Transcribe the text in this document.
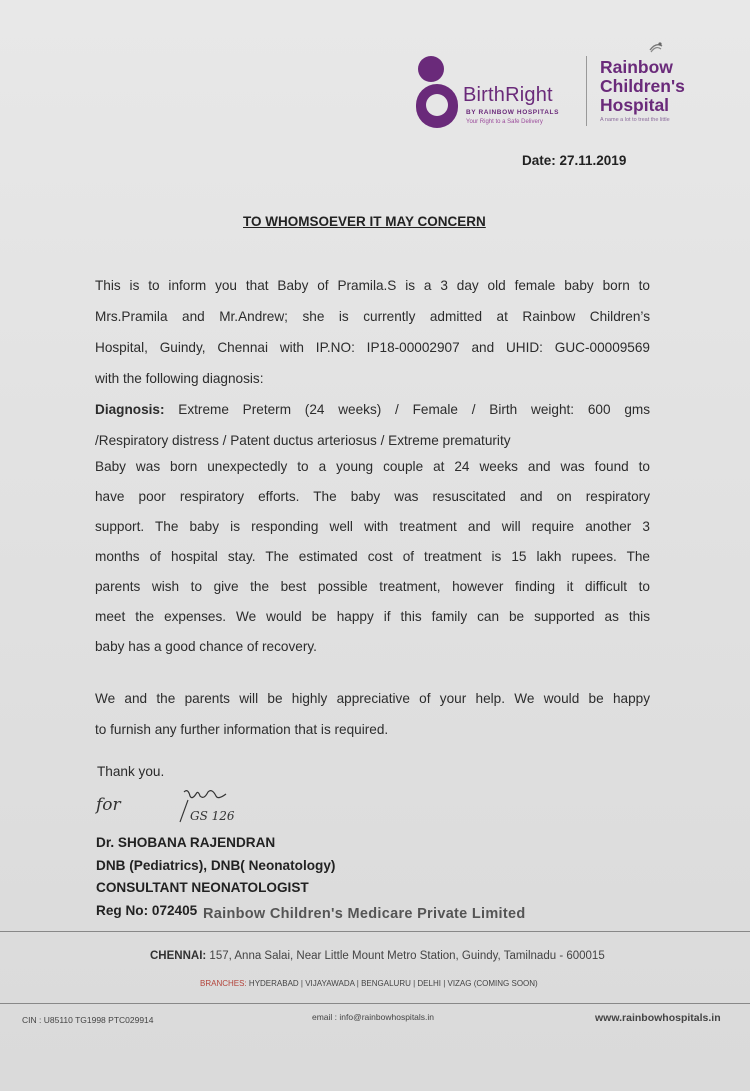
BirthRight
BY RAINBOW HOSPITALS
Your Right to a Safe Delivery
Rainbow
Children's
Hospital
A name a lot to treat the little
Date: 27.11.2019
TO WHOMSOEVER IT MAY CONCERN
This is to inform you that Baby of Pramila.S is a 3 day old female baby born to
Mrs.Pramila and Mr.Andrew; she is currently admitted at Rainbow Children’s
Hospital, Guindy, Chennai with IP.NO: IP18-00002907 and UHID: GUC-00009569
with the following diagnosis:
Diagnosis: Extreme Preterm (24 weeks) / Female / Birth weight: 600 gms
/Respiratory distress / Patent ductus arteriosus / Extreme prematurity
Baby was born unexpectedly to a young couple at 24 weeks and was found to
have poor respiratory efforts. The baby was resuscitated and on respiratory
support. The baby is responding well with treatment and will require another 3
months of hospital stay. The estimated cost of treatment is 15 lakh rupees. The
parents wish to give the best possible treatment, however finding it difficult to
meet the expenses. We would be happy if this family can be supported as this
baby has a good chance of recovery.
We and the parents will be highly appreciative of your help. We would be happy
to furnish any further information that is required.
Thank you.
for
GS 126
Dr. SHOBANA RAJENDRAN
DNB (Pediatrics), DNB( Neonatology)
CONSULTANT NEONATOLOGIST
Reg No: 072405 Rainbow Children's Medicare Private Limited
CHENNAI: 157, Anna Salai, Near Little Mount Metro Station, Guindy, Tamilnadu - 600015
BRANCHES: HYDERABAD | VIJAYAWADA | BENGALURU | DELHI | VIZAG (COMING SOON)
CIN : U85110 TG1998 PTC029914	email : info@rainbowhospitals.in	www.rainbowhospitals.in
